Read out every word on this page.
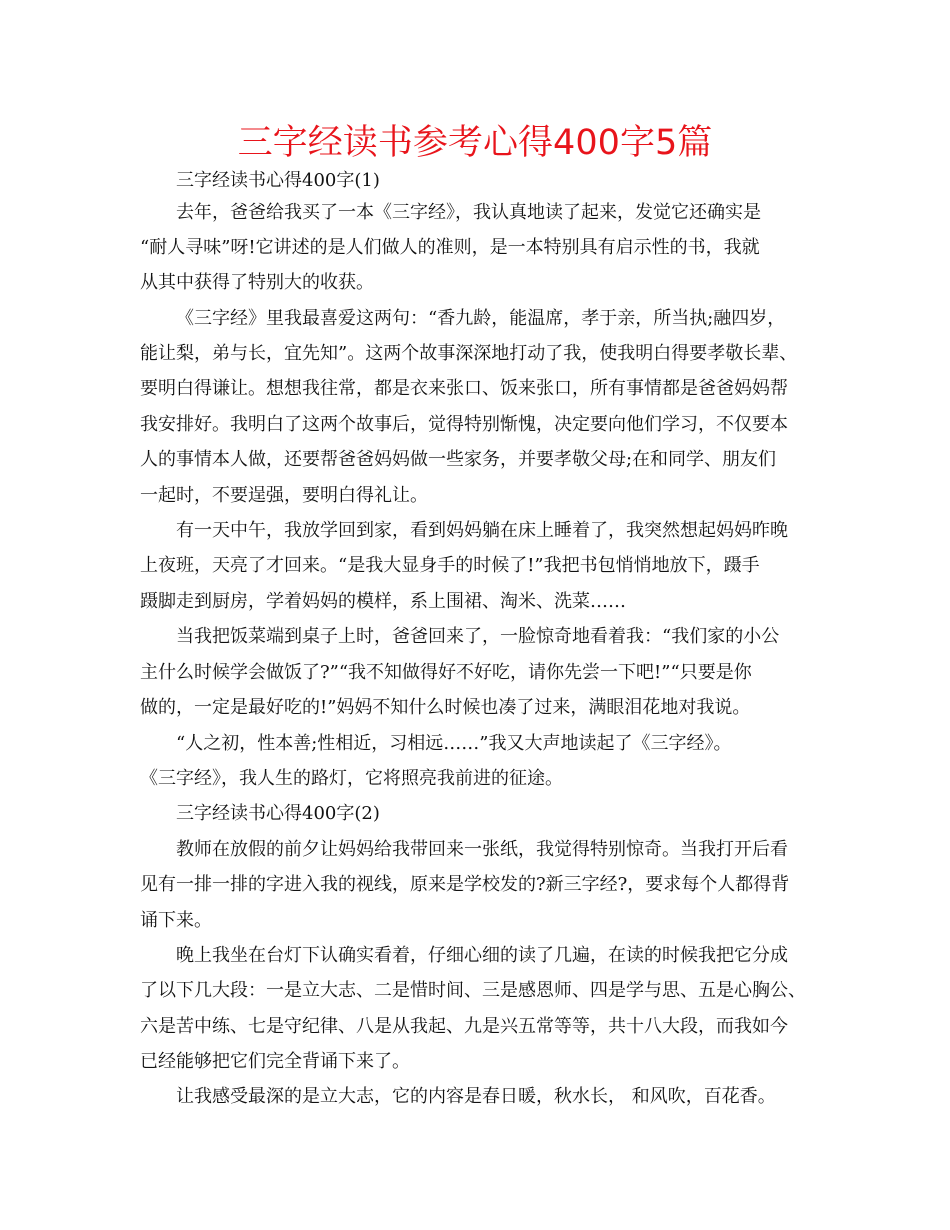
三字经读书参考心得400字5篇
三字经读书心得400字(1)
去年，爸爸给我买了一本《三字经》，我认真地读了起来，发觉它还确实是
“耐人寻味”呀!它讲述的是人们做人的准则，是一本特别具有启示性的书，我就
从其中获得了特别大的收获。
《三字经》里我最喜爱这两句：“香九龄，能温席，孝于亲，所当执;融四岁，
能让梨，弟与长，宜先知”。这两个故事深深地打动了我，使我明白得要孝敬长辈、
要明白得谦让。想想我往常，都是衣来张口、饭来张口，所有事情都是爸爸妈妈帮
我安排好。我明白了这两个故事后，觉得特别惭愧，决定要向他们学习，不仅要本
人的事情本人做，还要帮爸爸妈妈做一些家务，并要孝敬父母;在和同学、朋友们
一起时，不要逞强，要明白得礼让。
有一天中午，我放学回到家，看到妈妈躺在床上睡着了，我突然想起妈妈昨晚
上夜班，天亮了才回来。“是我大显身手的时候了!”我把书包悄悄地放下，蹑手
蹑脚走到厨房，学着妈妈的模样，系上围裙、淘米、洗菜……
当我把饭菜端到桌子上时，爸爸回来了，一脸惊奇地看着我：“我们家的小公
主什么时候学会做饭了?”“我不知做得好不好吃，请你先尝一下吧!”“只要是你
做的，一定是最好吃的!”妈妈不知什么时候也凑了过来，满眼泪花地对我说。
“人之初，性本善;性相近，习相远……”我又大声地读起了《三字经》。
《三字经》，我人生的路灯，它将照亮我前进的征途。
三字经读书心得400字(2)
教师在放假的前夕让妈妈给我带回来一张纸，我觉得特别惊奇。当我打开后看
见有一排一排的字进入我的视线，原来是学校发的?新三字经?，要求每个人都得背
诵下来。
晚上我坐在台灯下认确实看着，仔细心细的读了几遍，在读的时候我把它分成
了以下几大段：一是立大志、二是惜时间、三是感恩师、四是学与思、五是心胸公、
六是苦中练、七是守纪律、八是从我起、九是兴五常等等，共十八大段，而我如今
已经能够把它们完全背诵下来了。
让我感受最深的是立大志，它的内容是春日暖，秋水长， 和风吹，百花香。
